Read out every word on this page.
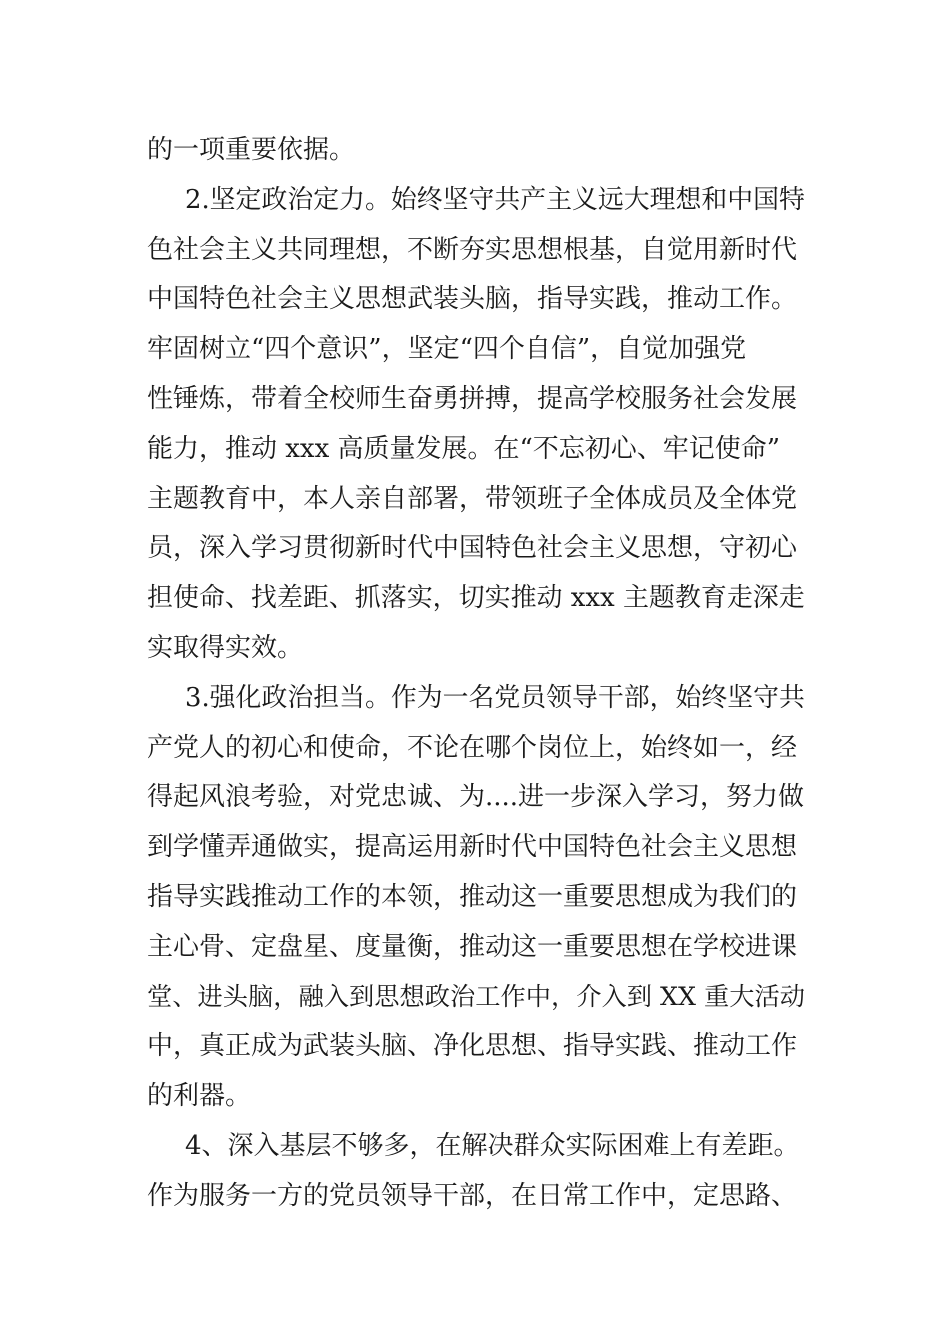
的一项重要依据。
2.坚定政治定力。始终坚守共产主义远大理想和中国特
色社会主义共同理想，不断夯实思想根基，自觉用新时代
中国特色社会主义思想武装头脑，指导实践，推动工作。
牢固树立“四个意识”，坚定“四个自信”，自觉加强党
性锤炼，带着全校师生奋勇拼搏，提高学校服务社会发展
能力，推动 xxx 高质量发展。在“不忘初心、牢记使命”
主题教育中，本人亲自部署，带领班子全体成员及全体党
员，深入学习贯彻新时代中国特色社会主义思想，守初心
担使命、找差距、抓落实，切实推动 xxx 主题教育走深走
实取得实效。
3.强化政治担当。作为一名党员领导干部，始终坚守共
产党人的初心和使命，不论在哪个岗位上，始终如一，经
得起风浪考验，对党忠诚、为....进一步深入学习，努力做
到学懂弄通做实，提高运用新时代中国特色社会主义思想
指导实践推动工作的本领，推动这一重要思想成为我们的
主心骨、定盘星、度量衡，推动这一重要思想在学校进课
堂、进头脑，融入到思想政治工作中，介入到 XX 重大活动
中，真正成为武装头脑、净化思想、指导实践、推动工作
的利器。
4、深入基层不够多，在解决群众实际困难上有差距。
作为服务一方的党员领导干部，在日常工作中，定思路、
